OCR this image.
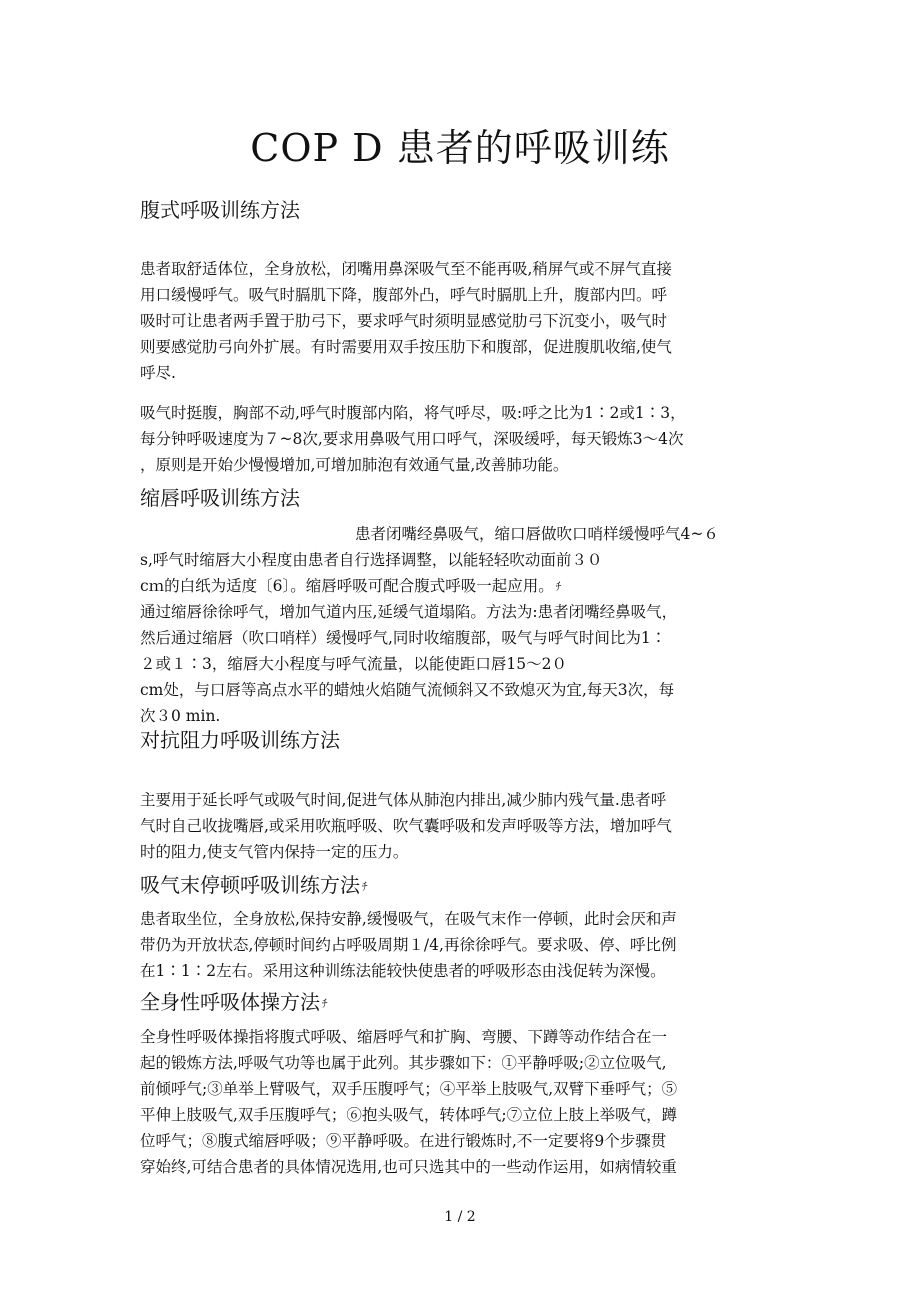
COP D 患者的呼吸训练
腹式呼吸训练方法
患者取舒适体位，全身放松，闭嘴用鼻深吸气至不能再吸,稍屏气或不屏气直接
用口缓慢呼气。吸气时膈肌下降，腹部外凸，呼气时膈肌上升，腹部内凹。呼
吸时可让患者两手置于肋弓下，要求呼气时须明显感觉肋弓下沉变小，吸气时
则要感觉肋弓向外扩展。有时需要用双手按压肋下和腹部，促进腹肌收缩,使气
呼尽.
吸气时挺腹，胸部不动,呼气时腹部内陷，将气呼尽，吸:呼之比为1∶2或1∶3，
每分钟呼吸速度为７~8次,要求用鼻吸气用口呼气，深吸缓呼，每天锻炼3～4次
，原则是开始少慢慢增加,可增加肺泡有效通气量,改善肺功能。
缩唇呼吸训练方法
患者闭嘴经鼻吸气，缩口唇做吹口哨样缓慢呼气4~６
s,呼气时缩唇大小程度由患者自行选择调整，以能轻轻吹动面前３０
cｍ的白纸为适度〔6〕。缩唇呼吸可配合腹式呼吸一起应用。 ﾁ
通过缩唇徐徐呼气，增加气道内压,延缓气道塌陷。方法为:患者闭嘴经鼻吸气，
然后通过缩唇（吹口哨样）缓慢呼气,同时收缩腹部，吸气与呼气时间比为1∶
２或１∶3，缩唇大小程度与呼气流量，以能使距口唇15～2０
cm处，与口唇等高点水平的蜡烛火焰随气流倾斜又不致熄灭为宜,每天3次，每
次３0 min.
对抗阻力呼吸训练方法
主要用于延长呼气或吸气时间,促进气体从肺泡内排出,减少肺内残气量.患者呼
气时自己收拢嘴唇,或采用吹瓶呼吸、吹气囊呼吸和发声呼吸等方法，增加呼气
时的阻力,使支气管内保持一定的压力。
吸气末停顿呼吸训练方法 ﾁ
患者取坐位，全身放松,保持安静,缓慢吸气，在吸气末作一停顿，此时会厌和声
带仍为开放状态,停顿时间约占呼吸周期１/4,再徐徐呼气。要求吸、停、呼比例
在1∶1∶2左右。采用这种训练法能较快使患者的呼吸形态由浅促转为深慢。
全身性呼吸体操方法 ﾁ
全身性呼吸体操指将腹式呼吸、缩唇呼气和扩胸、弯腰、下蹲等动作结合在一
起的锻炼方法,呼吸气功等也属于此列。其步骤如下：①平静呼吸;②立位吸气,
前倾呼气;③单举上臂吸气，双手压腹呼气；④平举上肢吸气,双臂下垂呼气；⑤
平伸上肢吸气,双手压腹呼气；⑥抱头吸气，转体呼气;⑦立位上肢上举吸气，蹲
位呼气；⑧腹式缩唇呼吸；⑨平静呼吸。在进行锻炼时,不一定要将9个步骤贯
穿始终,可结合患者的具体情况选用,也可只选其中的一些动作运用，如病情较重
1 / 2
